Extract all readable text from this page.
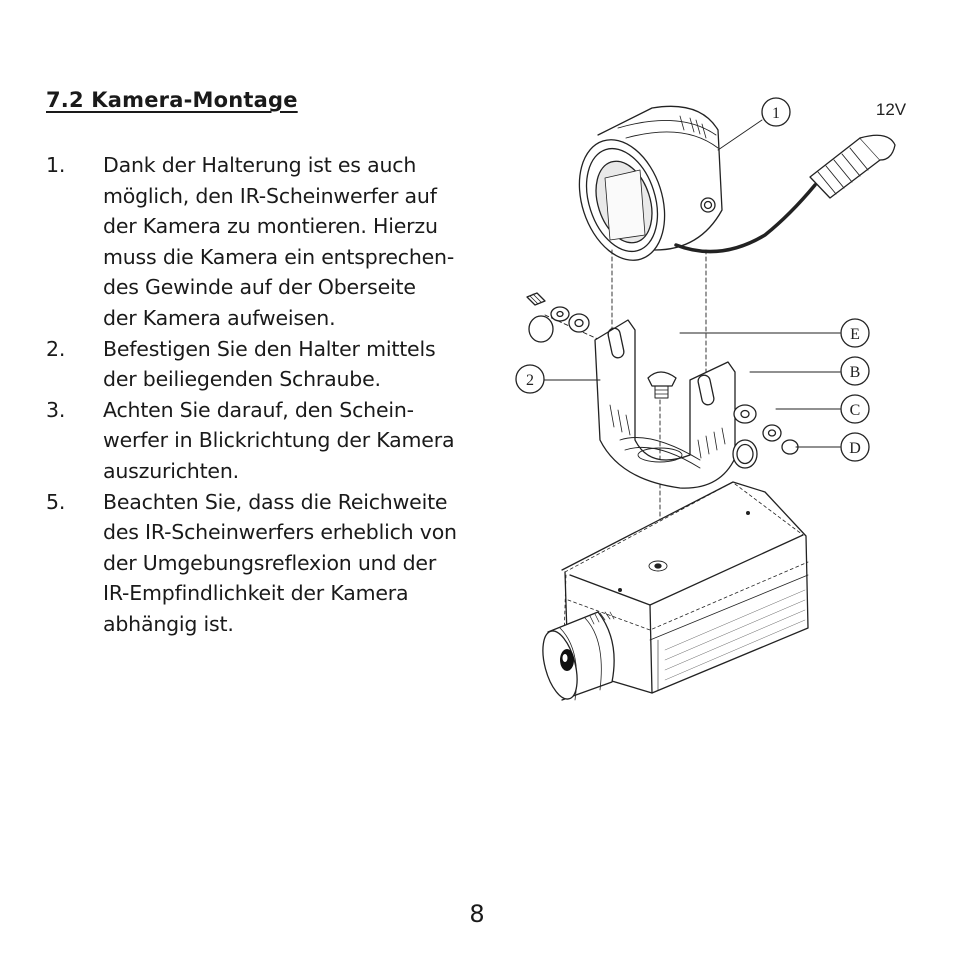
7.2 Kamera-Montage
1.	Dank der Halterung ist es auch
möglich, den IR-Scheinwerfer auf
der Kamera zu montieren. Hierzu
muss die Kamera ein entsprechen-
des Gewinde auf der Oberseite
der Kamera aufweisen.
2.	Befestigen Sie den Halter mittels
der beiliegenden Schraube.
3.	Achten Sie darauf, den Schein-
werfer in Blickrichtung der Kamera
auszurichten.
5.	Beachten Sie, dass die Reichweite
des IR-Scheinwerfers erheblich von
der Umgebungsreflexion und der
IR-Empfindlichkeit der Kamera
abhängig ist.
1
2
E
B
C
D
12V
8
